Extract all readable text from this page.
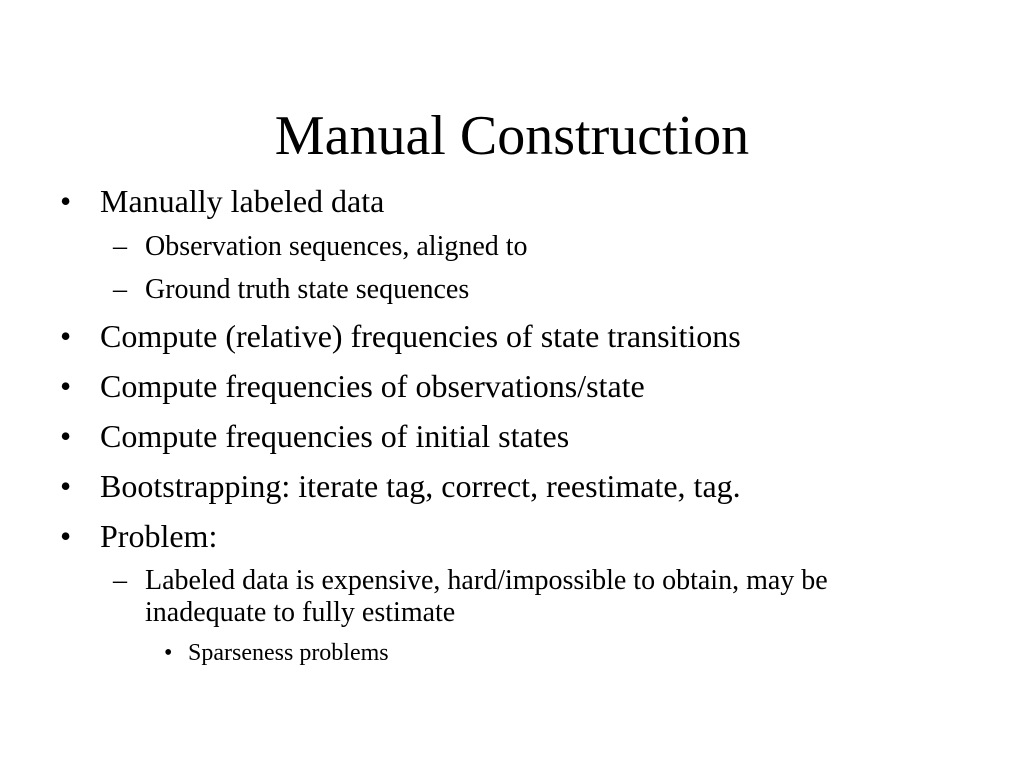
Manual Construction
• Manually labeled data
– Observation sequences, aligned to
– Ground truth state sequences
• Compute (relative) frequencies of state transitions
• Compute frequencies of observations/state
• Compute frequencies of initial states
• Bootstrapping: iterate tag, correct, reestimate, tag.
• Problem:
– Labeled data is expensive, hard/impossible to obtain, may be
inadequate to fully estimate
• Sparseness problems
